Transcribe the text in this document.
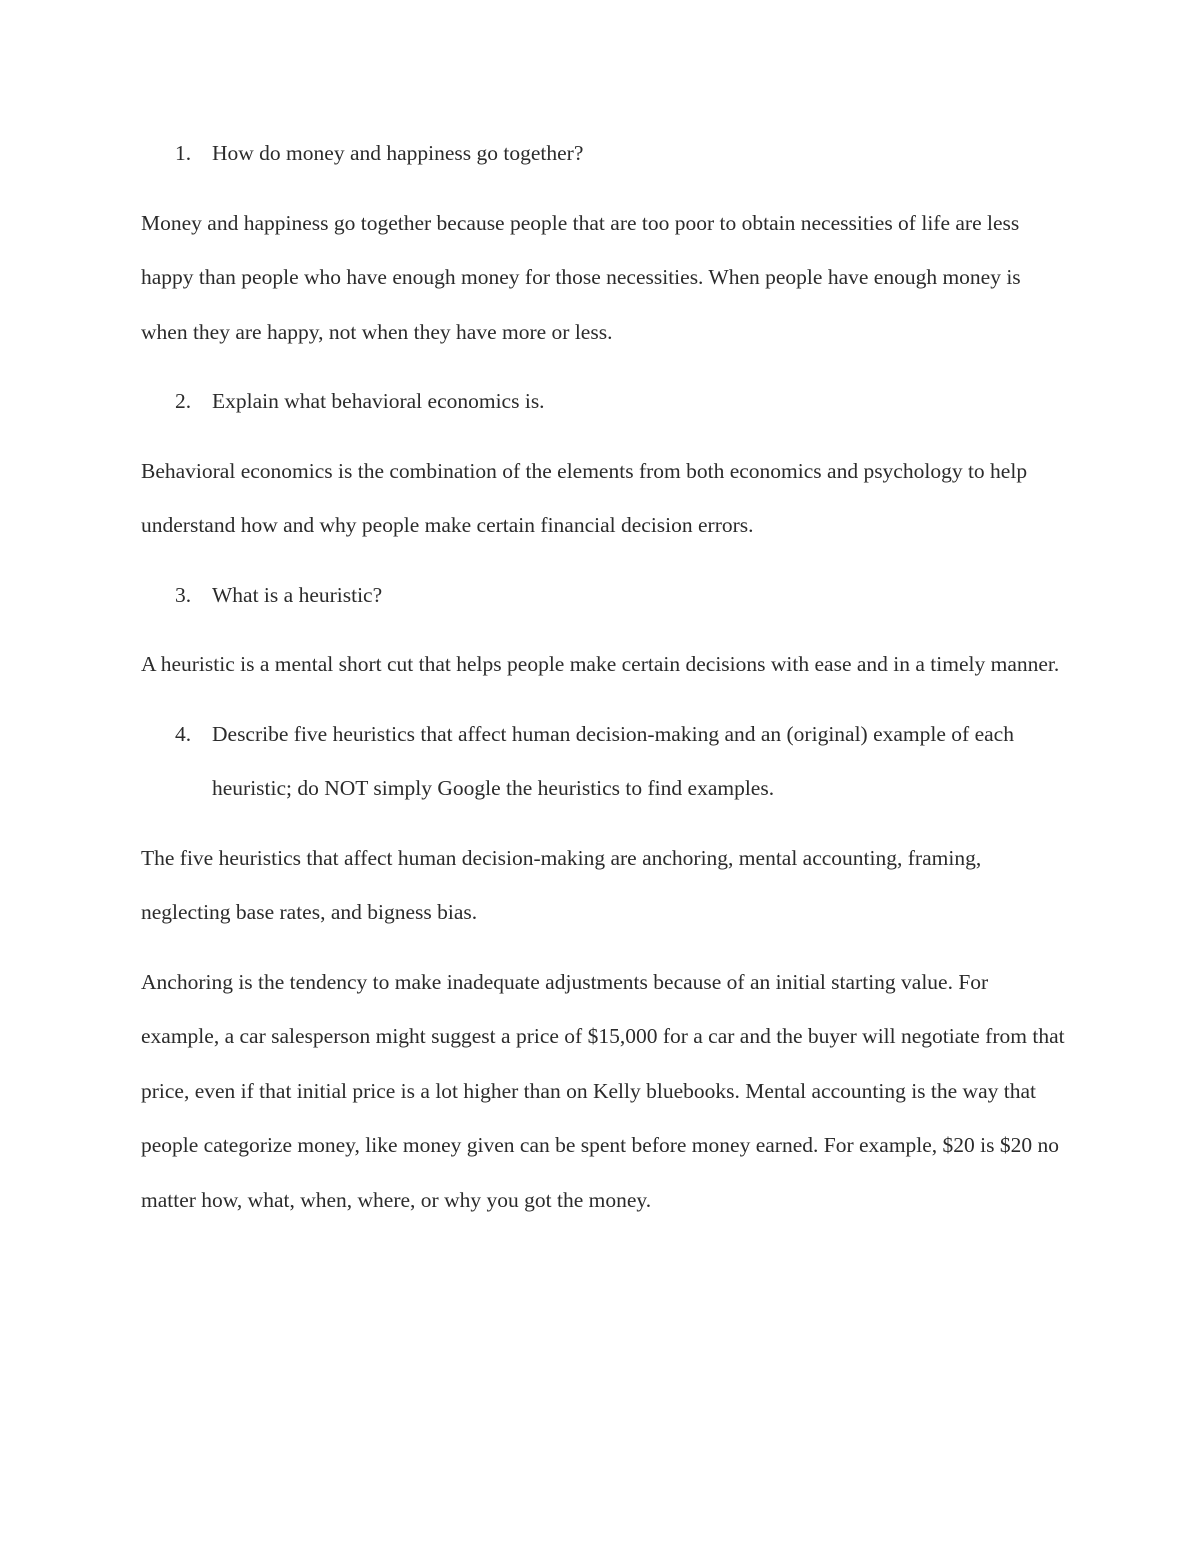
1. How do money and happiness go together?

Money and happiness go together because people that are too poor to obtain necessities of life are less happy than people who have enough money for those necessities. When people have enough money is when they are happy, not when they have more or less.

2. Explain what behavioral economics is.

Behavioral economics is the combination of the elements from both economics and psychology to help understand how and why people make certain financial decision errors.

3. What is a heuristic?

A heuristic is a mental short cut that helps people make certain decisions with ease and in a timely manner.

4. Describe five heuristics that affect human decision-making and an (original) example of each heuristic; do NOT simply Google the heuristics to find examples.

The five heuristics that affect human decision-making are anchoring, mental accounting, framing, neglecting base rates, and bigness bias.

Anchoring is the tendency to make inadequate adjustments because of an initial starting value. For example, a car salesperson might suggest a price of $15,000 for a car and the buyer will negotiate from that price, even if that initial price is a lot higher than on Kelly bluebooks. Mental accounting is the way that people categorize money, like money given can be spent before money earned. For example, $20 is $20 no matter how, what, when, where, or why you got the money.
